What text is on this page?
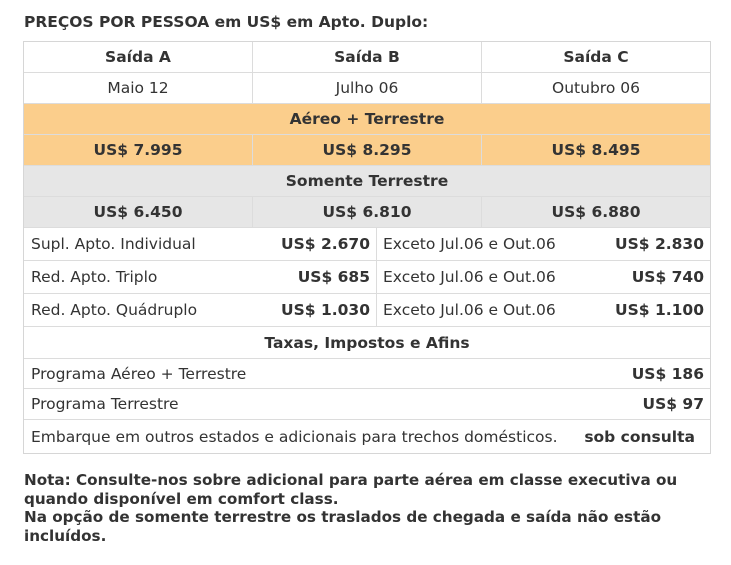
PREÇOS POR PESSOA em US$ em Apto. Duplo:
Saída A	Saída B	Saída C
Maio 12	Julho 06	Outubro 06
Aéreo + Terrestre
US$ 7.995	US$ 8.295	US$ 8.495
Somente Terrestre
US$ 6.450	US$ 6.810	US$ 6.880
Supl. Apto. Individual	US$ 2.670 Exceto Jul.06 e Out.06	US$ 2.830
Red. Apto. Triplo	US$ 685 Exceto Jul.06 e Out.06	US$ 740
Red. Apto. Quádruplo	US$ 1.030 Exceto Jul.06 e Out.06	US$ 1.100
Taxas, Impostos e Afins
Programa Aéreo + Terrestre	US$ 186
Programa Terrestre	US$ 97
Embarque em outros estados e adicionais para trechos domésticos.	sob consulta
Nota: Consulte-nos sobre adicional para parte aérea em classe executiva ou quando disponível em comfort class.
Na opção de somente terrestre os traslados de chegada e saída não estão incluídos.
